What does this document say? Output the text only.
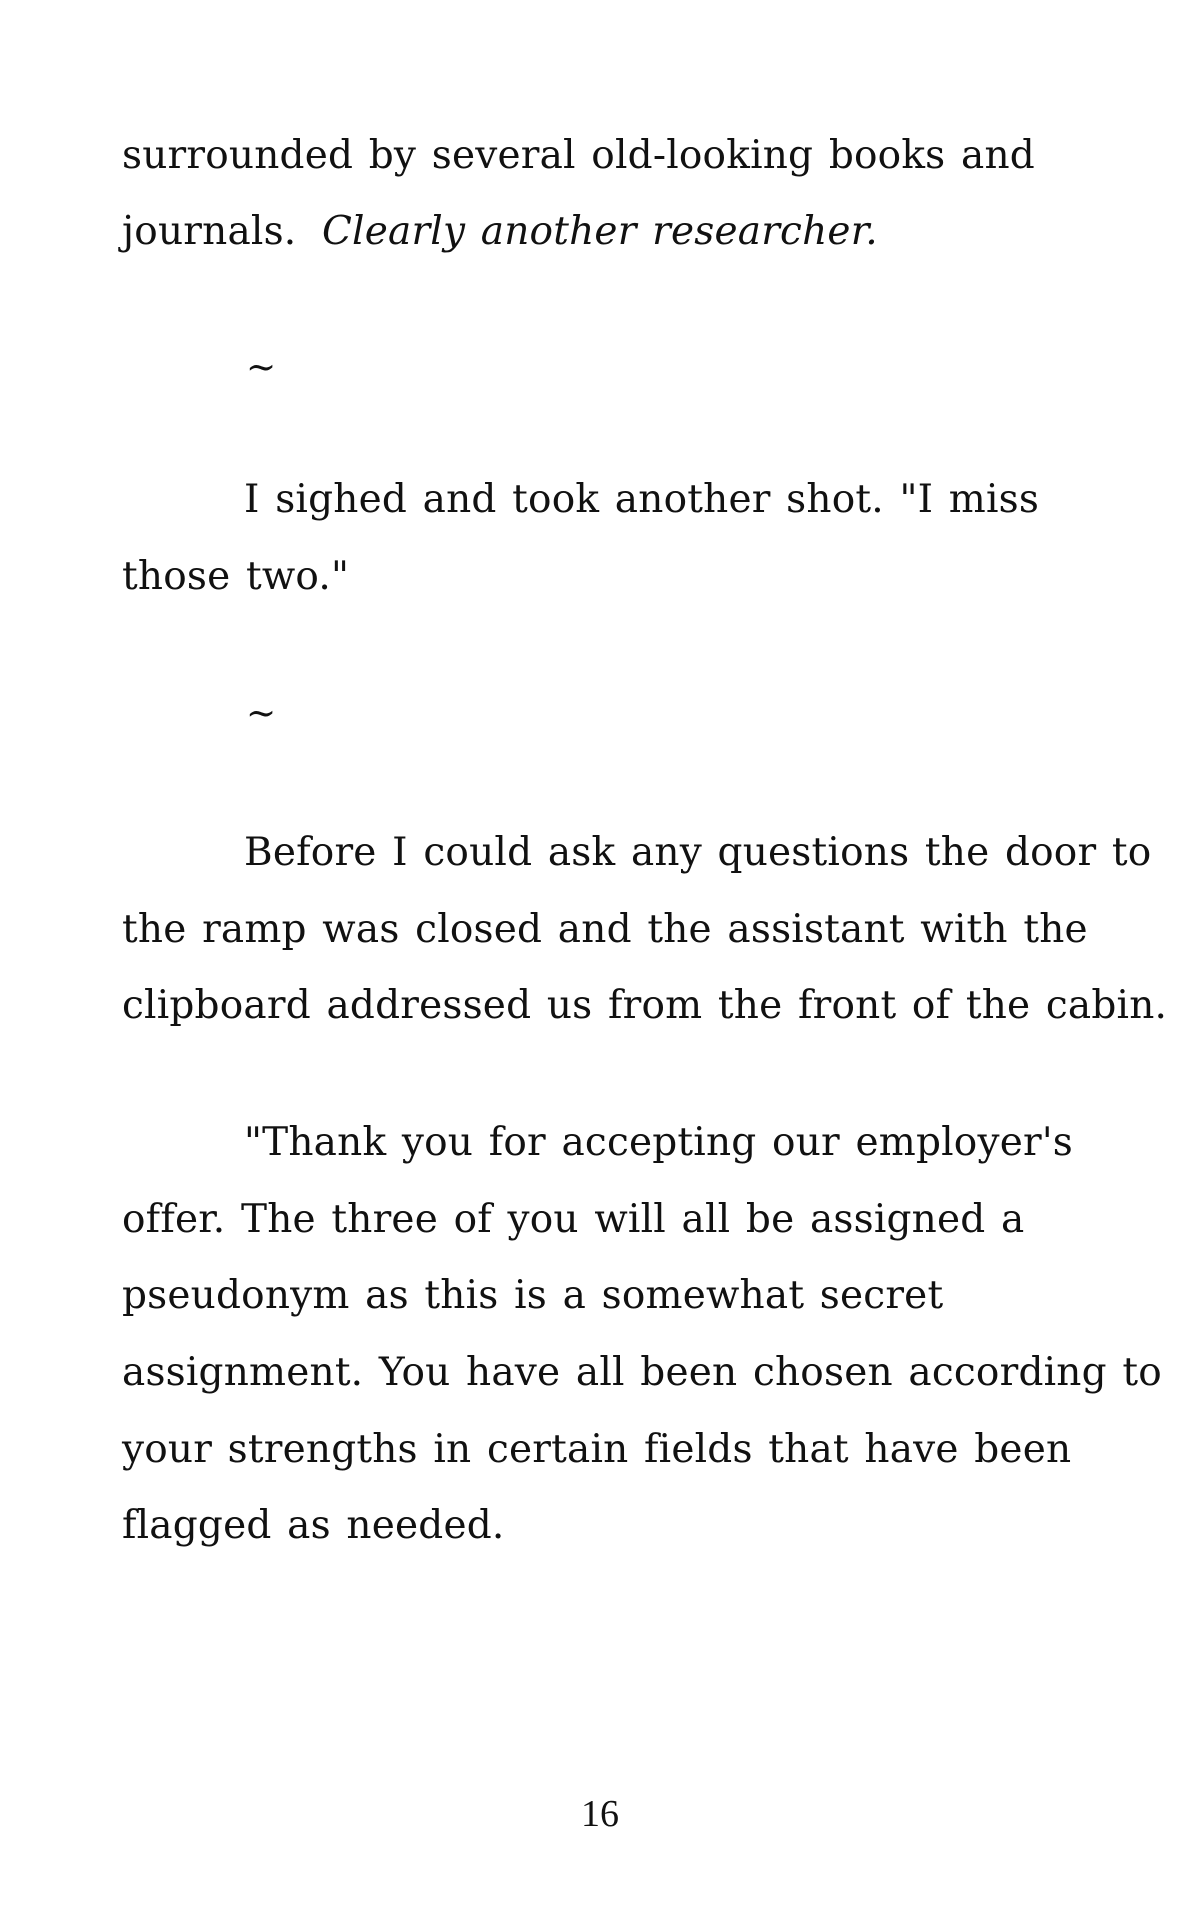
surrounded by several old-looking books and
journals. Clearly another researcher.
~
I sighed and took another shot. "I miss
those two."
~
Before I could ask any questions the door to
the ramp was closed and the assistant with the
clipboard addressed us from the front of the cabin.
"Thank you for accepting our employer's
offer. The three of you will all be assigned a
pseudonym as this is a somewhat secret
assignment. You have all been chosen according to
your strengths in certain fields that have been
flagged as needed.
16
